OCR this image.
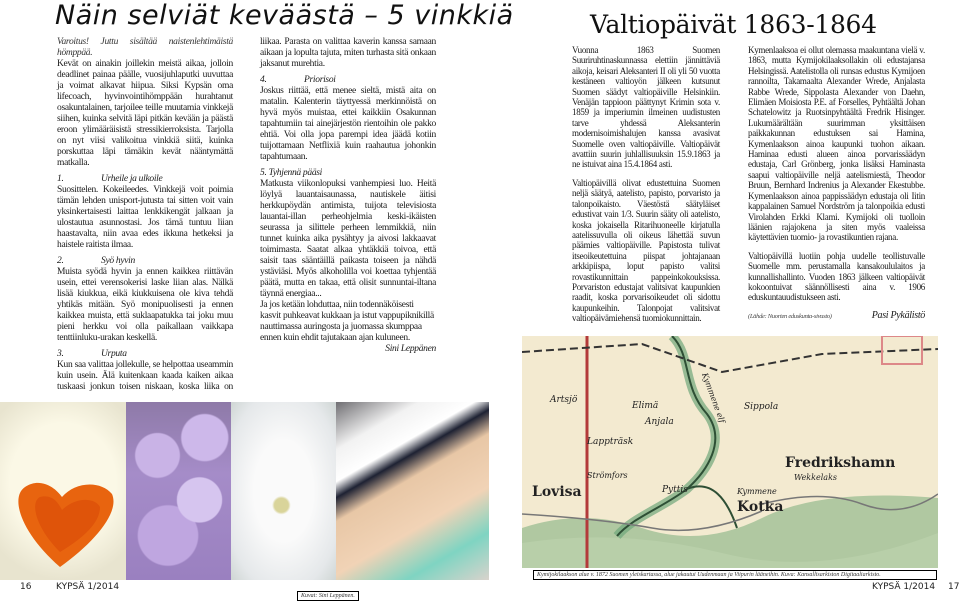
Näin selviät keväästä – 5 vinkkiä

Varoitus! Juttu sisältää naistenlehtimäistä hömppää.

Kevät on ainakin joillekin meistä aikaa, jolloin deadlinet painaa päälle, vuosijuhlaputki uuvuttaa ja voimat alkavat hiipua. Siksi Kypsän oma lifecoach, hyvinvointihömppään hurahtanut osakuntalainen, tarjoilee teille muutamia vinkkejä siihen, kuinka selvitä läpi pitkän kevään ja päästä eroon ylimääräisistä stressikierroksista. Tarjolla on nyt viisi valikoitua vinkkiä siitä, kuinka porskuttaa läpi tämäkin kevät nääntymättä matkalla.

1.	Urheile ja ulkoile

Suosittelen. Kokeileedes. Vinkkejä voit poimia tämän lehden unisport-jutusta tai sitten voit vain yksinkertaisesti laittaa lenkkikengät jalkaan ja ulostautua asunnostasi. Jos tämä tuntuu liian haastavalta, niin avaa edes ikkuna hetkeksi ja haistele raitista ilmaa.

2.	Syö hyvin

Muista syödä hyvin ja ennen kaikkea riittävän usein, ettei verensokerisi laske liian alas. Nälkä lisää kiukkua, eikä kiukkuisena ole kiva tehdä yhtikäs mitään. Syö monipuolisesti ja ennen kaikkea muista, että suklaapatukka tai joku muu pieni herkku voi olla paikallaan vaikkapa tenttiinluku-urakan keskellä.

3.	Urputa

Kun saa valittaa jollekulle, se helpottaa useammin kuin usein. Älä kuitenkaan kaada kaiken aikaa tuskaasi jonkun toisen niskaan, koska liika on liikaa. Parasta on valittaa kaverin kanssa samaan aikaan ja lopulta tajuta, miten turhasta sitä onkaan jaksanut murehtia.

4.	Priorisoi

Joskus riittää, että menee sieltä, mistä aita on matalin. Kalenterin täyttyessä merkinnöistä on hyvä myös muistaa, ettei kaikkiin Osakunnan tapahtumiin tai ainejärjestön rientoihin ole pakko ehtiä. Voi olla jopa parempi idea jäädä kotiin tuijottamaan Netflixiä kuin raahautua johonkin tapahtumaan.

5. Tyhjennä pääsi

Matkusta viikonlopuksi vanhempiesi luo. Heitä löylyä lauantaisaunassa, nautiskele äitisi herkkupöydän antimista, tuijota televisiosta lauantai-illan perheohjelmia keski-ikäisten seurassa ja silittele perheen lemmikkiä, niin tunnet kuinka aika pysähtyy ja aivosi lakkaavat toimimasta. Saatat alkaa yhtäkkiä toivoa, että saisit taas sääntäillä paikasta toiseen ja nähdä ystäviäsi. Myös alkoholilla voi koettaa tyhjentää päätä, mutta en takaa, että olisit sunnuntai-iltana täynnä energiaa...

Ja jos ketään lohduttaa, niin todennäköisesti kasvit puhkeavat kukkaan ja istut vappupiknikillä nauttimassa auringosta ja juomassa skumppaa ennen kuin ehdit tajutakaan ajan kuluneen.

Sini Leppänen
16	KYPSÄ 1/2014
Kuvat: Sini Leppänen.
Valtiopäivät 1863-1864

Vuonna 1863 Suomen Suuriruhtinaskunnassa elettiin jännittäviä aikoja, keisari Aleksanteri II oli yli 50 vuotta kestäneen valtioyön jälkeen kutsunut Suomen säädyt valtiopäiville Helsinkiin. Venäjän tappioon päättynyt Krimin sota v. 1859 ja imperiumin ilmeinen uudistusten tarve yhdessä Aleksanterin modernisoimishalujen kanssa avasivat Suomelle oven valtiopäiville. Valtiopäivät avattiin suurin juhlallisuuksin 15.9.1863 ja ne istuivat aina 15.4.1864 asti.

Valtiopäivillä olivat edustettuina Suomen neljä säätyä, aatelisto, papisto, porvaristo ja talonpoikaisto. Väestöstä säätyläiset edustivat vain 1/3. Suurin sääty oli aatelisto, koska jokaisella Ritarihuoneelle kirjatulla aatelissuvulla oli oikeus lähettää suvun päämies valtiopäiville. Papistosta tulivat itseoikeutettuina piispat johtajanaan arkkipiispa, loput papisto valitsi rovastikunnittain pappeinkokouksissa. Porvariston edustajat valitsivat kaupunkien raadit, koska porvarisoikeudet oli sidottu kaupunkeihin. Talonpojat valitsivat valtiopäivämiehensä tuomiokunnittain.

Kymenlaaksoa ei ollut olemassa maakuntana vielä v. 1863, mutta Kymijokilaaksollakin oli edustajansa Helsingissä. Aatelistolla oli runsas edustus Kymijoen rannoilta, Takamaalta Alexander Wrede, Anjalasta Rabbe Wrede, Sippolasta Alexander von Daehn, Elimäen Moisiosta P.E. af Forselles, Pyhtäältä Johan Schatelowitz ja Ruotsinpyhtäältä Fredrik Hisinger. Lukumäärältään suurimman yksittäisen paikkakunnan edustuksen sai Hamina, Kymenlaakson ainoa kaupunki tuohon aikaan. Haminaa edusti alueen ainoa porvarissäädyn edustaja, Carl Grönberg, jonka lisäksi Haminasta saapui valtiopäiville neljä aatelismiestä, Theodor Bruun, Bernhard Indrenius ja Alexander Ekestubbe. Kymenlaakson ainoa pappissäädyn edustaja oli Iitin kappalainen Samuel Nordström ja talonpoikia edusti Virolahden Erkki Klami. Kymijoki oli tuolloin läänien rajajokena ja siten myös vaaleissa käytettävien tuomio- ja rovastikuntien rajana.

Valtiopäivillä luotiin pohja uudelle teollistuvalle Suomelle mm. perustamalla kansakoululaitos ja kunnallishallinto. Vuoden 1863 jälkeen valtiopäivät kokoontuivat säännöllisesti aina v. 1906 eduskuntauudistukseen asti.

(Lähde: Nuorten eduskunta-sivusto)	Pasi Pykälistö
Artsjö
Elimä
Anjala
Lappträsk
Strömfors
Lovisa	Pyttis	Kymmene
Kotka
Sippola
Fredrikshamn
Wekkelaks
Kymmene elf
Kymijokilaakson alue v. 1872 Suomen yleiskartassa, alue jakautui Uudenmaan ja Viipurin lääneihin. Kuva: Kansallisarkiston Digitaaliarkisto.
KYPSÄ 1/2014 17
